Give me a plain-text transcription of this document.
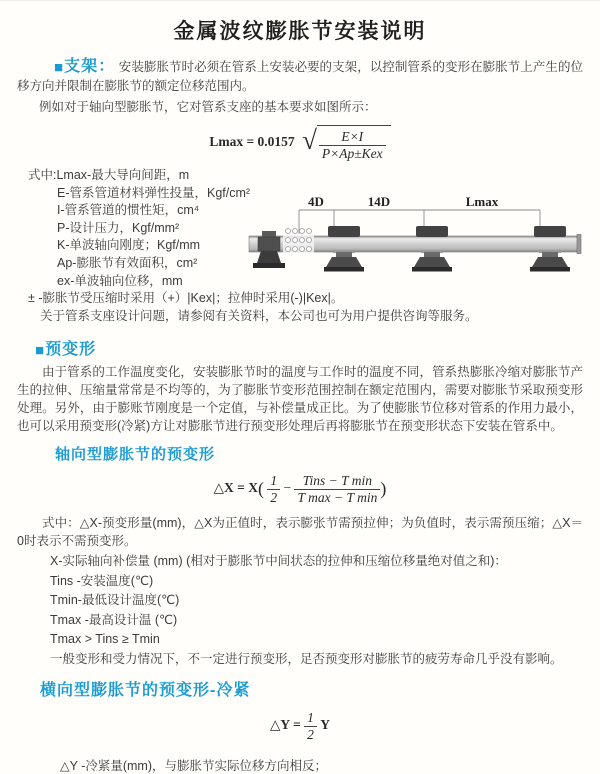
金属波纹膨胀节安装说明
■支架： 安装膨胀节时必须在管系上安装必要的支架，以控制管系的变形在膨胀节上产生的位移方向并限制在膨胀节的额定位移范围内。
例如对于轴向型膨胀节，它对管系支座的基本要求如图所示：
Lmax = 0.0157 √ $\frac{E\times I}{\text{P×Ap±Kex}}$
式中:Lmax-最大导向间距，m
E-管系管道材料弹性投量，Kgf/cm²
I-管系管道的惯性矩，cm⁴
P-设计压力，Kgf/mm²
K-单波轴向刚度；Kgf/mm
Ap-膨胀节有效面积，cm²
ex-单波轴向位移，mm
± -膨胀节受压缩时采用（+）|Kex|；拉伸时采用(-)|Kex|。
关于管系支座设计问题，请参阅有关资料，本公司也可为用户提供咨询等服务。
4D	14D	Lmax
■预变形
由于管系的工作温度变化，安装膨胀节时的温度与工作时的温度不同，管系热膨胀冷缩对膨胀节产生的拉伸、压缩量常常是不均等的，为了膨胀节变形范围控制在额定范围内，需要对膨胀节采取预变形处理。另外，由于膨账节刚度是一个定值，与补偿量成正比。为了使膨胀节位移对管系的作用力最小，也可以采用预变形(冷紧)方让对膨胀节进行预变形处理后再将膨胀节在预变形状态下安装在管系中。
轴向型膨胀节的预变形
△X = $X( \frac{1}{2} - \frac{\text{Tins − T min}}{\text{T max − T min}}$ )
式中：△X-预变形量(mm)，△X为正值时，表示膨张节需预拉伸；为负值时，表示需预压缩；△X＝0时表示不需预变形。
X-实际轴向补偿量 (mm) (相对于膨胀节中间状态的拉伸和压缩位移量绝对值之和)：
Tins -安装温度(℃)
Tmin-最低设计温度(℃)
Tmax -最高设计温 (℃)
Tmax > Tins ≥ Tmin
一般变形和受力情况下，不一定进行预变形，足否预变形对膨胀节的疲劳寿命几乎没有影响。
横向型膨胀节的预变形-冷紧
△Y = $\frac{1}{2}$ Y
△Y -冷紧量(mm)，与膨胀节实际位移方向相反；
